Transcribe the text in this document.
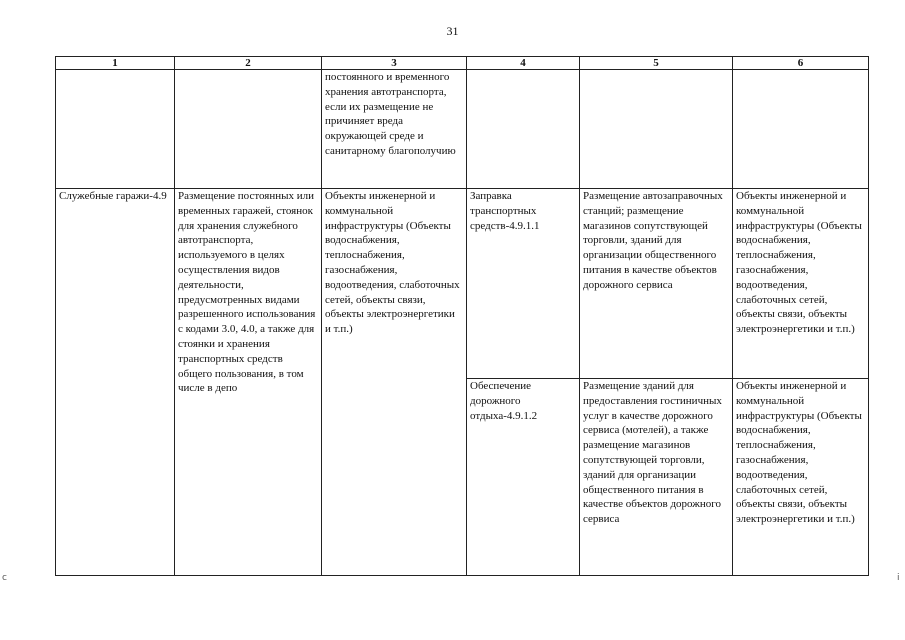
31
1	2	3	4	5	6
		постоянного и временного хранения автотранспорта, если их размещение не причиняет вреда окружающей среде и санитарному благополучию			
Служебные гаражи-4.9	Размещение постоянных или временных гаражей, стоянок для хранения служебного автотранспорта, используемого в целях осуществления видов деятельности, предусмотренных видами разрешенного использования с кодами 3.0, 4.0, а также для стоянки и хранения транспортных средств общего пользования, в том числе в депо	Объекты инженерной и коммунальной инфраструктуры (Объекты водоснабжения, теплоснабжения, газоснабжения, водоотведения, слаботочных сетей, объекты связи, объекты электроэнергетики и т.п.)	Заправка транспортных средств-4.9.1.1	Размещение автозаправочных станций; размещение магазинов сопутствующей торговли, зданий для организации общественного питания в качестве объектов дорожного сервиса	Объекты инженерной и коммунальной инфраструктуры (Объекты водоснабжения, теплоснабжения, газоснабжения, водоотведения, слаботочных сетей, объекты связи, объекты электроэнергетики и т.п.)
			Обеспечение дорожного отдыха-4.9.1.2	Размещение зданий для предоставления гостиничных услуг в качестве дорожного сервиса (мотелей), а также размещение магазинов сопутствующей торговли, зданий для организации общественного питания в качестве объектов дорожного сервиса	Объекты инженерной и коммунальной инфраструктуры (Объекты водоснабжения, теплоснабжения, газоснабжения, водоотведения, слаботочных сетей, объекты связи, объекты электроэнергетики и т.п.)
c	i
